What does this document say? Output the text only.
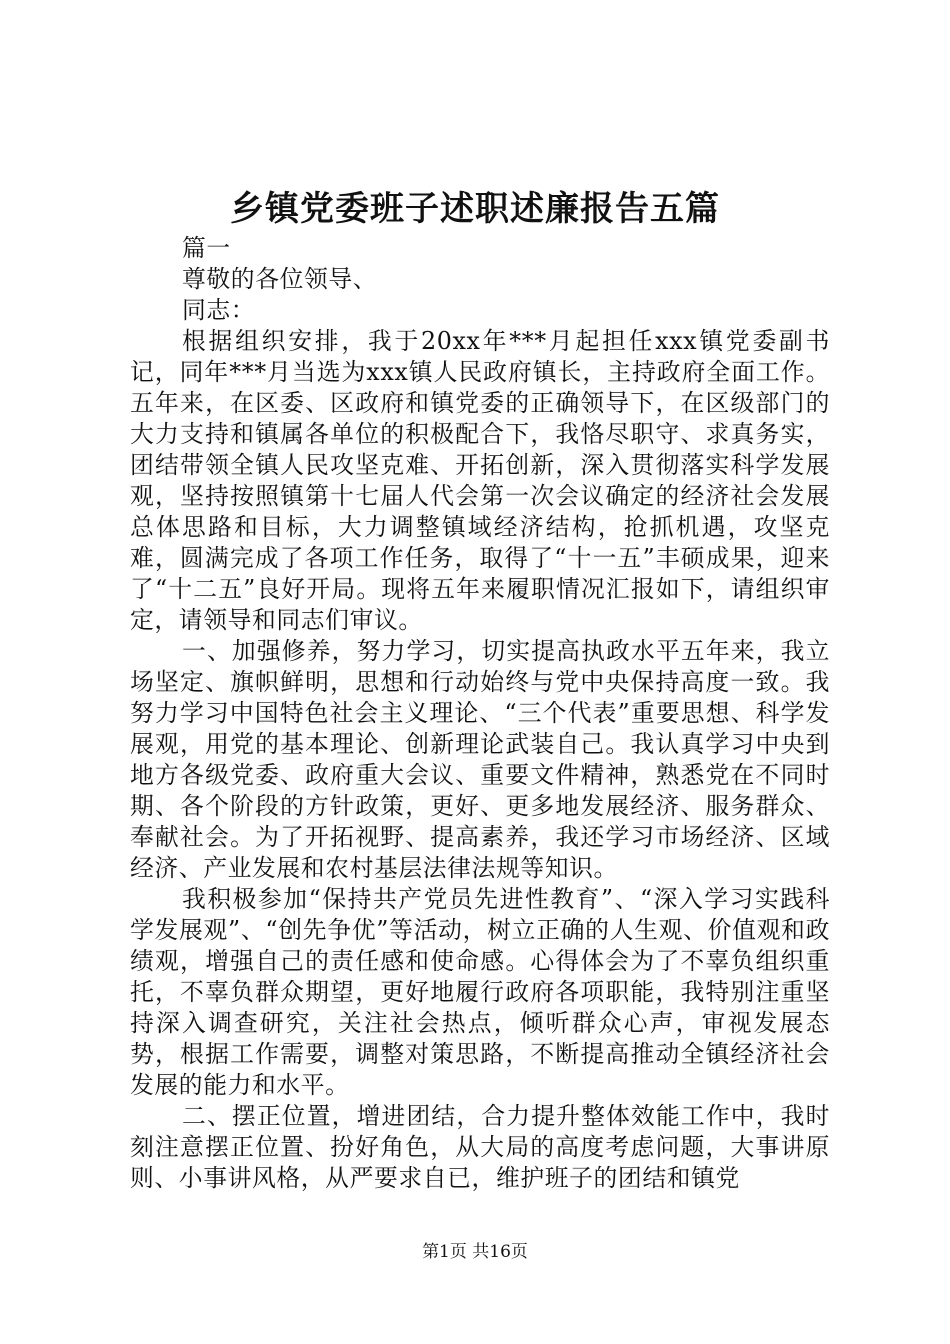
乡镇党委班子述职述廉报告五篇

篇一

尊敬的各位领导、

同志：

根据组织安排，我于20xx年***月起担任xxx镇党委副书记，同年***月当选为xxx镇人民政府镇长，主持政府全面工作。五年来，在区委、区政府和镇党委的正确领导下，在区级部门的大力支持和镇属各单位的积极配合下，我恪尽职守、求真务实，团结带领全镇人民攻坚克难、开拓创新，深入贯彻落实科学发展观，坚持按照镇第十七届人代会第一次会议确定的经济社会发展总体思路和目标，大力调整镇域经济结构，抢抓机遇，攻坚克难，圆满完成了各项工作任务，取得了“十一五”丰硕成果，迎来了“十二五”良好开局。现将五年来履职情况汇报如下，请组织审定，请领导和同志们审议。

一、加强修养，努力学习，切实提高执政水平五年来，我立场坚定、旗帜鲜明，思想和行动始终与党中央保持高度一致。我努力学习中国特色社会主义理论、“三个代表”重要思想、科学发展观，用党的基本理论、创新理论武装自己。我认真学习中央到地方各级党委、政府重大会议、重要文件精神，熟悉党在不同时期、各个阶段的方针政策，更好、更多地发展经济、服务群众、奉献社会。为了开拓视野、提高素养，我还学习市场经济、区域经济、产业发展和农村基层法律法规等知识。

我积极参加“保持共产党员先进性教育”、“深入学习实践科学发展观”、“创先争优”等活动，树立正确的人生观、价值观和政绩观，增强自己的责任感和使命感。心得体会为了不辜负组织重托，不辜负群众期望，更好地履行政府各项职能，我特别注重坚持深入调查研究，关注社会热点，倾听群众心声，审视发展态势，根据工作需要，调整对策思路，不断提高推动全镇经济社会发展的能力和水平。

二、摆正位置，增进团结，合力提升整体效能工作中，我时刻注意摆正位置、扮好角色，从大局的高度考虑问题，大事讲原则、小事讲风格，从严要求自已，维护班子的团结和镇党

第1页 共16页
